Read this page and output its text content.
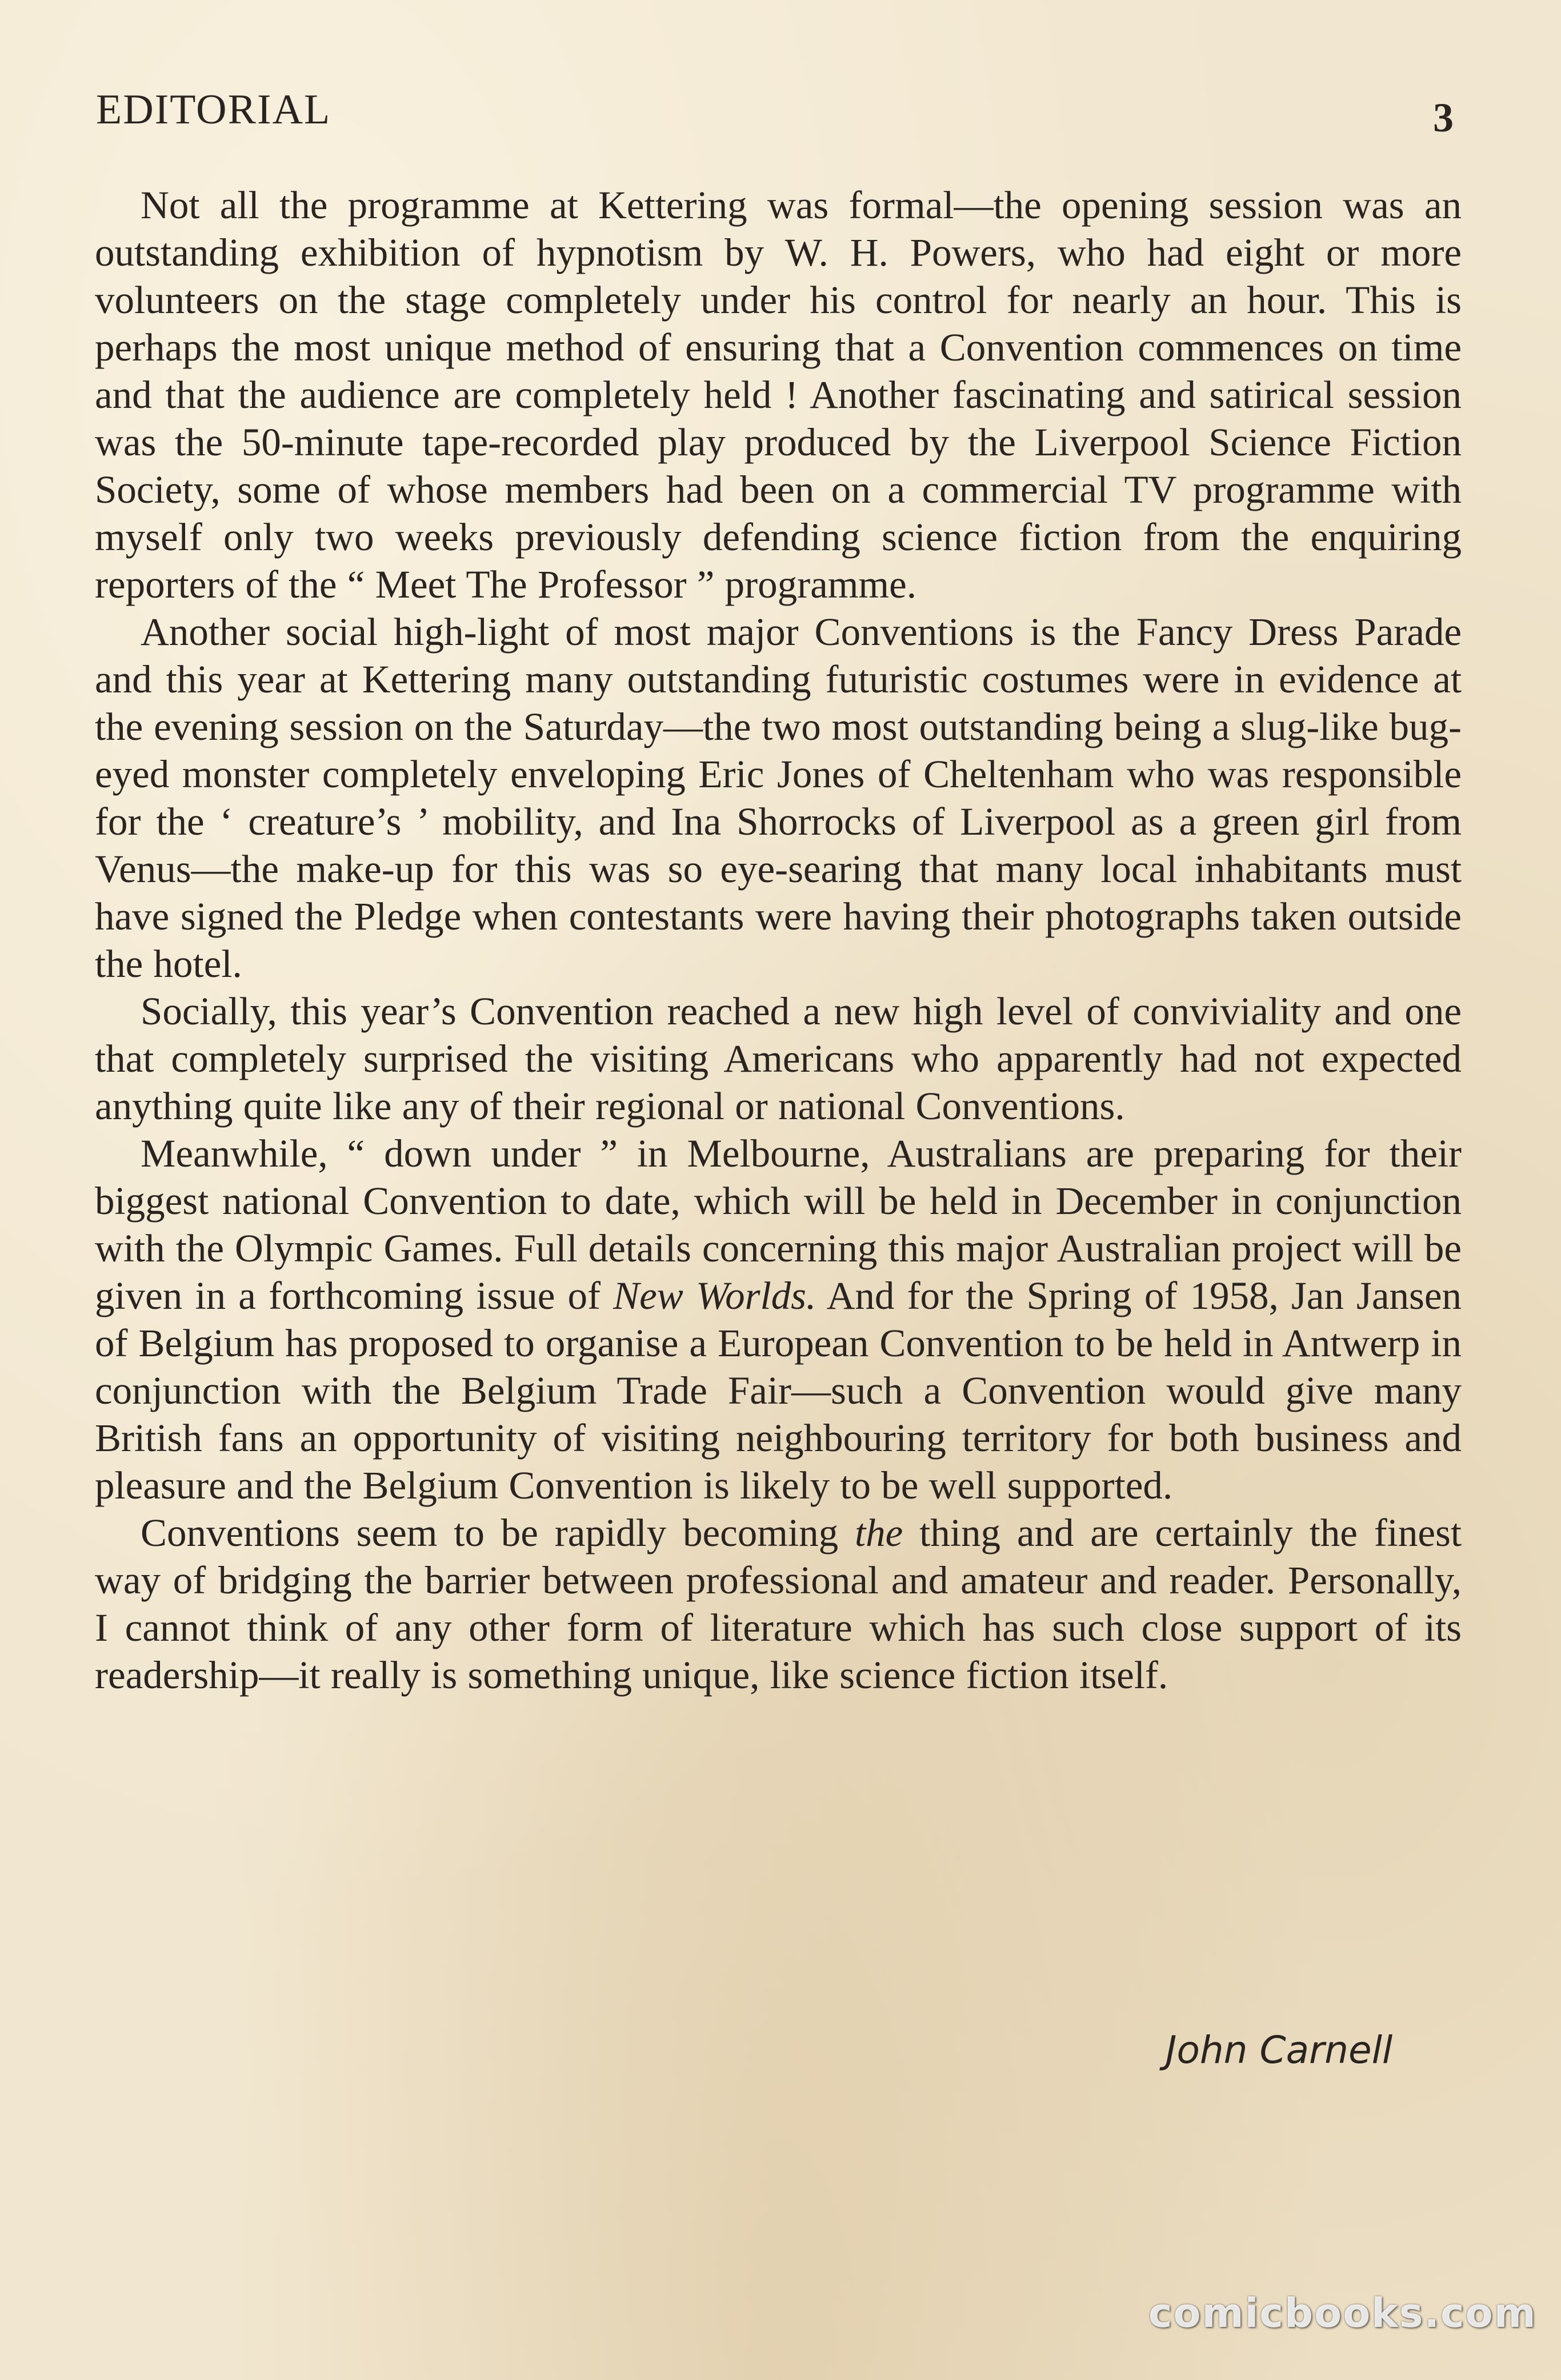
EDITORIAL	3

Not all the programme at Kettering was formal—the opening session was an outstanding exhibition of hypnotism by W. H. Powers, who had eight or more volunteers on the stage completely under his control for nearly an hour. This is perhaps the most unique method of ensuring that a Convention commences on time and that the audience are completely held ! Another fascinating and satirical session was the 50-minute tape-recorded play produced by the Liverpool Science Fiction Society, some of whose members had been on a commercial TV programme with myself only two weeks previously defending science fiction from the enquiring reporters of the “ Meet The Professor ” programme.

Another social high-light of most major Conventions is the Fancy Dress Parade and this year at Kettering many outstanding futuristic costumes were in evidence at the evening session on the Saturday—the two most outstanding being a slug-like bug-eyed monster completely enveloping Eric Jones of Cheltenham who was responsible for the ‘ creature’s ’ mobility, and Ina Shorrocks of Liverpool as a green girl from Venus—the make-up for this was so eye-searing that many local inhabitants must have signed the Pledge when contestants were having their photographs taken outside the hotel.

Socially, this year’s Convention reached a new high level of conviviality and one that completely surprised the visiting Americans who apparently had not expected anything quite like any of their regional or national Conventions.

Meanwhile, “ down under ” in Melbourne, Australians are preparing for their biggest national Convention to date, which will be held in December in conjunction with the Olympic Games. Full details concerning this major Australian project will be given in a forthcoming issue of New Worlds. And for the Spring of 1958, Jan Jansen of Belgium has proposed to organise a European Convention to be held in Antwerp in conjunction with the Belgium Trade Fair—such a Convention would give many British fans an opportunity of visiting neighbouring territory for both business and pleasure and the Belgium Convention is likely to be well supported.

Conventions seem to be rapidly becoming the thing and are certainly the finest way of bridging the barrier between professional and amateur and reader. Personally, I cannot think of any other form of literature which has such close support of its readership—it really is something unique, like science fiction itself.

John Carnell
comicbooks.com
